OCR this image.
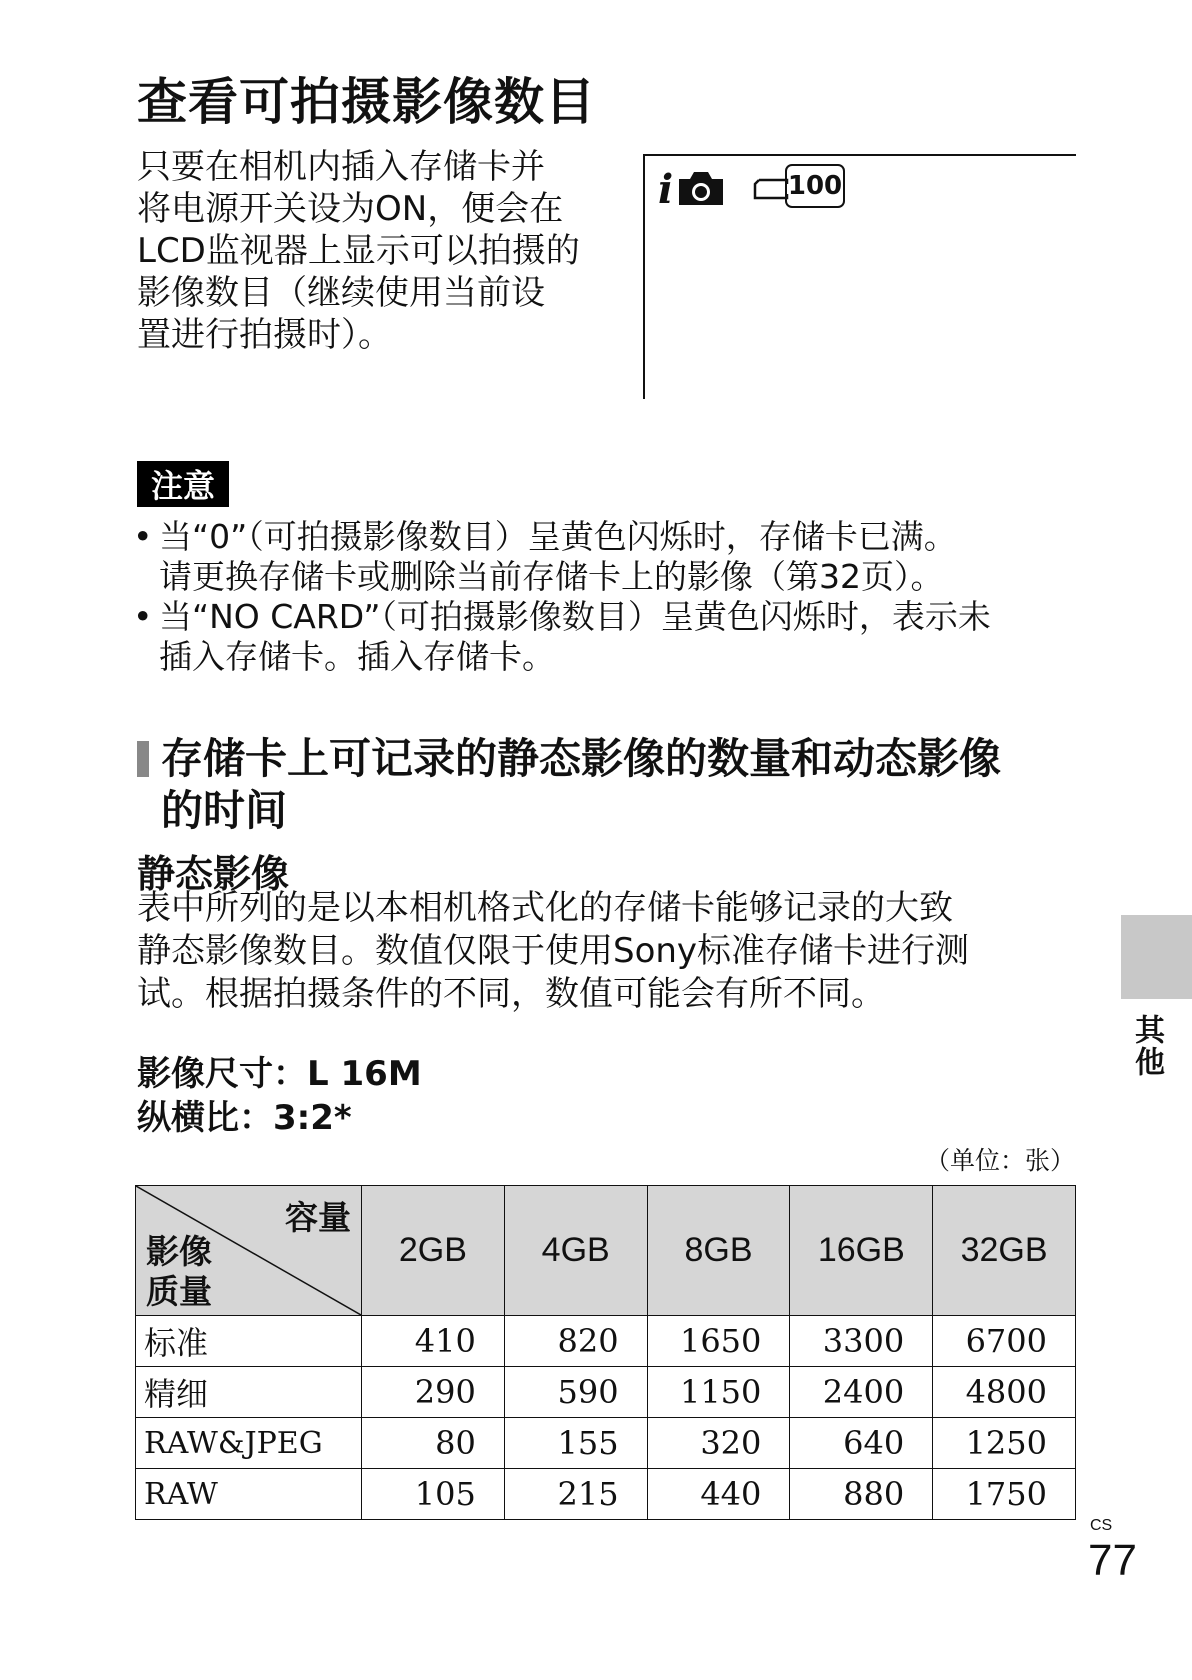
查看可拍摄影像数目
只要在相机内插入存储卡并
将电源开关设为ON，便会在
LCD监视器上显示可以拍摄的
影像数目（继续使用当前设
置进行拍摄时）。
i	100
注意
• 当“0”（可拍摄影像数目）呈黄色闪烁时，存储卡已满。
请更换存储卡或删除当前存储卡上的影像（第32页）。
• 当“NO CARD”（可拍摄影像数目）呈黄色闪烁时，表示未
插入存储卡。插入存储卡。
存储卡上可记录的静态影像的数量和动态影像
的时间
静态影像
表中所列的是以本相机格式化的存储卡能够记录的大致
静态影像数目。数值仅限于使用Sony标准存储卡进行测
试。根据拍摄条件的不同，数值可能会有所不同。
影像尺寸：L 16M
纵横比：3:2*
（单位：张）
容量
影像
质量	2GB	4GB	8GB	16GB	32GB
标准	410	820	1650	3300	6700
精细	290	590	1150	2400	4800
RAW&JPEG	80	155	320	640	1250
RAW	105	215	440	880	1750
其他
CS
77
